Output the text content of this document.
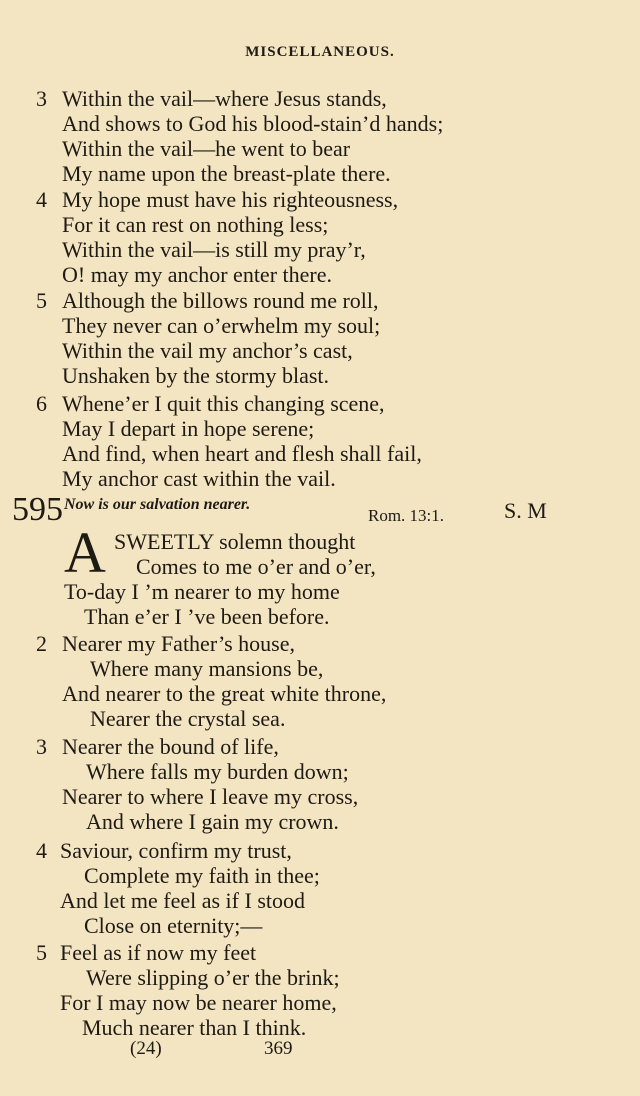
MISCELLANEOUS.
3 Within the vail—where Jesus stands,
And shows to God his blood-stain’d hands;
Within the vail—he went to bear
My name upon the breast-plate there.
4 My hope must have his righteousness,
For it can rest on nothing less;
Within the vail—is still my pray’r,
O! may my anchor enter there.
5 Although the billows round me roll,
They never can o’erwhelm my soul;
Within the vail my anchor’s cast,
Unshaken by the stormy blast.
6 Whene’er I quit this changing scene,
May I depart in hope serene;
And find, when heart and flesh shall fail,
My anchor cast within the vail.
595 Now is our salvation nearer.
Rom. 13:1.	S. M
A SWEETLY solemn thought
Comes to me o’er and o’er,
To-day I ’m nearer to my home
Than e’er I ’ve been before.
2 Nearer my Father’s house,
Where many mansions be,
And nearer to the great white throne,
Nearer the crystal sea.
3 Nearer the bound of life,
Where falls my burden down;
Nearer to where I leave my cross,
And where I gain my crown.
4 Saviour, confirm my trust,
Complete my faith in thee;
And let me feel as if I stood
Close on eternity;—
5 Feel as if now my feet
Were slipping o’er the brink;
For I may now be nearer home,
Much nearer than I think.
(24)	369
